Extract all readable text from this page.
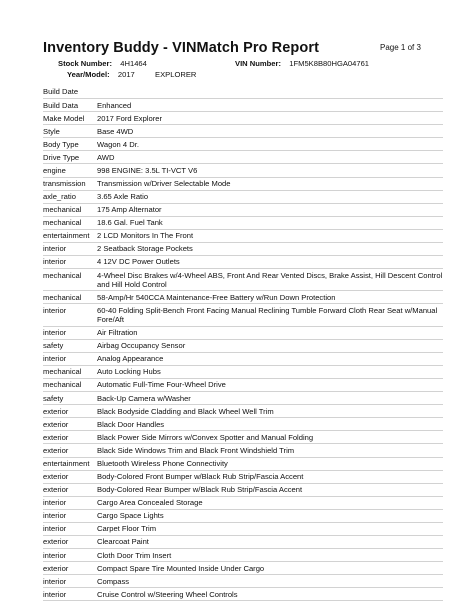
Page 1 of 3
Inventory Buddy - VINMatch Pro Report
Stock Number: 4H1464	VIN Number: 1FM5K8B80HGA04761
Year/Model: 2017	EXPLORER
Build Date
Build Data	Enhanced
Make Model	2017 Ford Explorer
Style	Base 4WD
Body Type	Wagon 4 Dr.
Drive Type	AWD
engine	998 ENGINE: 3.5L TI-VCT V6
transmission	Transmission w/Driver Selectable Mode
axle_ratio	3.65 Axle Ratio
mechanical	175 Amp Alternator
mechanical	18.6 Gal. Fuel Tank
entertainment 2 LCD Monitors In The Front
interior	2 Seatback Storage Pockets
interior	4 12V DC Power Outlets
mechanical	4-Wheel Disc Brakes w/4-Wheel ABS, Front And Rear Vented Discs, Brake Assist, Hill Descent Control and Hill Hold Control
mechanical	58-Amp/Hr 540CCA Maintenance-Free Battery w/Run Down Protection
interior	60-40 Folding Split-Bench Front Facing Manual Reclining Tumble Forward Cloth Rear Seat w/Manual Fore/Aft
interior	Air Filtration
safety	Airbag Occupancy Sensor
interior	Analog Appearance
mechanical	Auto Locking Hubs
mechanical	Automatic Full-Time Four-Wheel Drive
safety	Back-Up Camera w/Washer
exterior	Black Bodyside Cladding and Black Wheel Well Trim
exterior	Black Door Handles
exterior	Black Power Side Mirrors w/Convex Spotter and Manual Folding
exterior	Black Side Windows Trim and Black Front Windshield Trim
entertainment Bluetooth Wireless Phone Connectivity
exterior	Body-Colored Front Bumper w/Black Rub Strip/Fascia Accent
exterior	Body-Colored Rear Bumper w/Black Rub Strip/Fascia Accent
interior	Cargo Area Concealed Storage
interior	Cargo Space Lights
interior	Carpet Floor Trim
exterior	Clearcoat Paint
interior	Cloth Door Trim Insert
exterior	Compact Spare Tire Mounted Inside Under Cargo
interior	Compass
interior	Cruise Control w/Steering Wheel Controls
